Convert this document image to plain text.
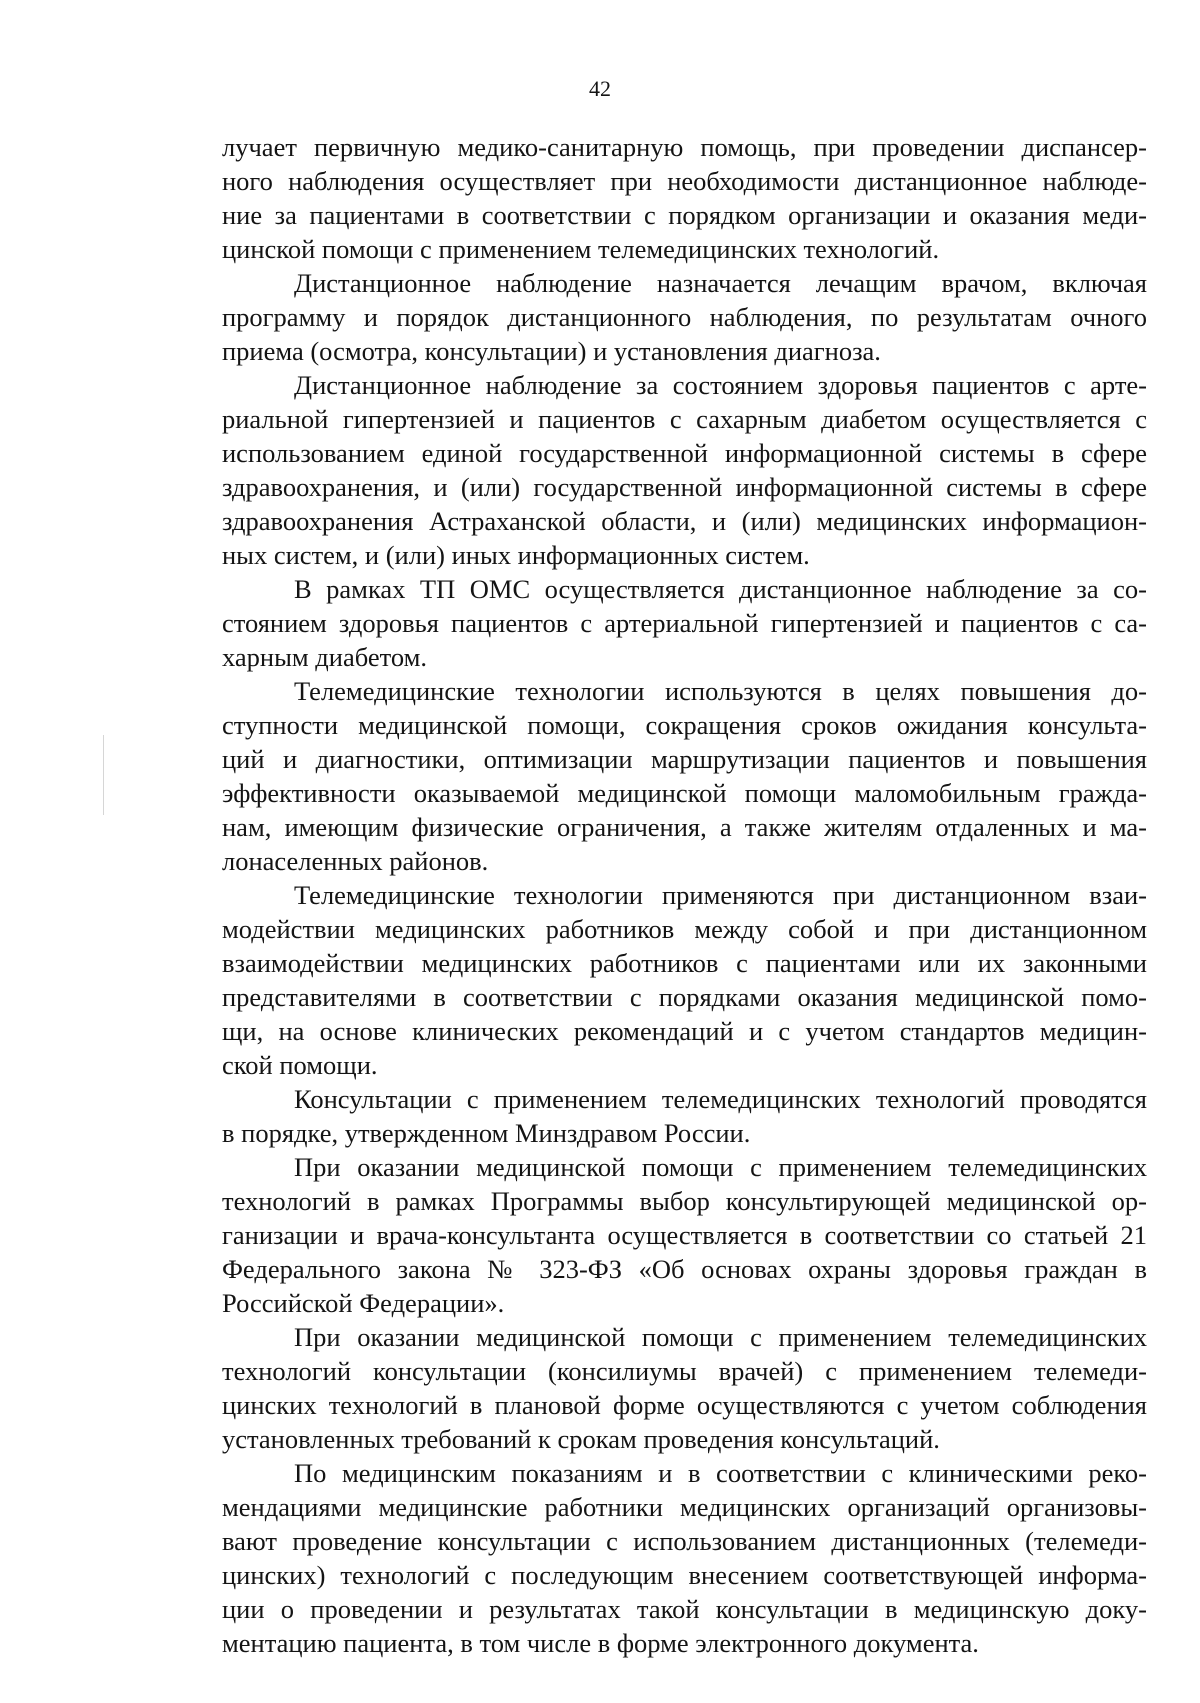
42
лучает первичную медико-санитарную помощь, при проведении диспансер-
ного наблюдения осуществляет при необходимости дистанционное наблюде-
ние за пациентами в соответствии с порядком организации и оказания меди-
цинской помощи с применением телемедицинских технологий.
Дистанционное наблюдение назначается лечащим врачом, включая
программу и порядок дистанционного наблюдения, по результатам очного
приема (осмотра, консультации) и установления диагноза.
Дистанционное наблюдение за состоянием здоровья пациентов с арте-
риальной гипертензией и пациентов с сахарным диабетом осуществляется с
использованием единой государственной информационной системы в сфере
здравоохранения, и (или) государственной информационной системы в сфере
здравоохранения Астраханской области, и (или) медицинских информацион-
ных систем, и (или) иных информационных систем.
В рамках ТП ОМС осуществляется дистанционное наблюдение за со-
стоянием здоровья пациентов с артериальной гипертензией и пациентов с са-
харным диабетом.
Телемедицинские технологии используются в целях повышения до-
ступности медицинской помощи, сокращения сроков ожидания консульта-
ций и диагностики, оптимизации маршрутизации пациентов и повышения
эффективности оказываемой медицинской помощи маломобильным гражда-
нам, имеющим физические ограничения, а также жителям отдаленных и ма-
лонаселенных районов.
Телемедицинские технологии применяются при дистанционном взаи-
модействии медицинских работников между собой и при дистанционном
взаимодействии медицинских работников с пациентами или их законными
представителями в соответствии с порядками оказания медицинской помо-
щи, на основе клинических рекомендаций и с учетом стандартов медицин-
ской помощи.
Консультации с применением телемедицинских технологий проводятся
в порядке, утвержденном Минздравом России.
При оказании медицинской помощи с применением телемедицинских
технологий в рамках Программы выбор консультирующей медицинской ор-
ганизации и врача-консультанта осуществляется в соответствии со статьей 21
Федерального закона № 323-ФЗ «Об основах охраны здоровья граждан в
Российской Федерации».
При оказании медицинской помощи с применением телемедицинских
технологий консультации (консилиумы врачей) с применением телемеди-
цинских технологий в плановой форме осуществляются с учетом соблюдения
установленных требований к срокам проведения консультаций.
По медицинским показаниям и в соответствии с клиническими реко-
мендациями медицинские работники медицинских организаций организовы-
вают проведение консультации с использованием дистанционных (телемеди-
цинских) технологий с последующим внесением соответствующей информа-
ции о проведении и результатах такой консультации в медицинскую доку-
ментацию пациента, в том числе в форме электронного документа.
